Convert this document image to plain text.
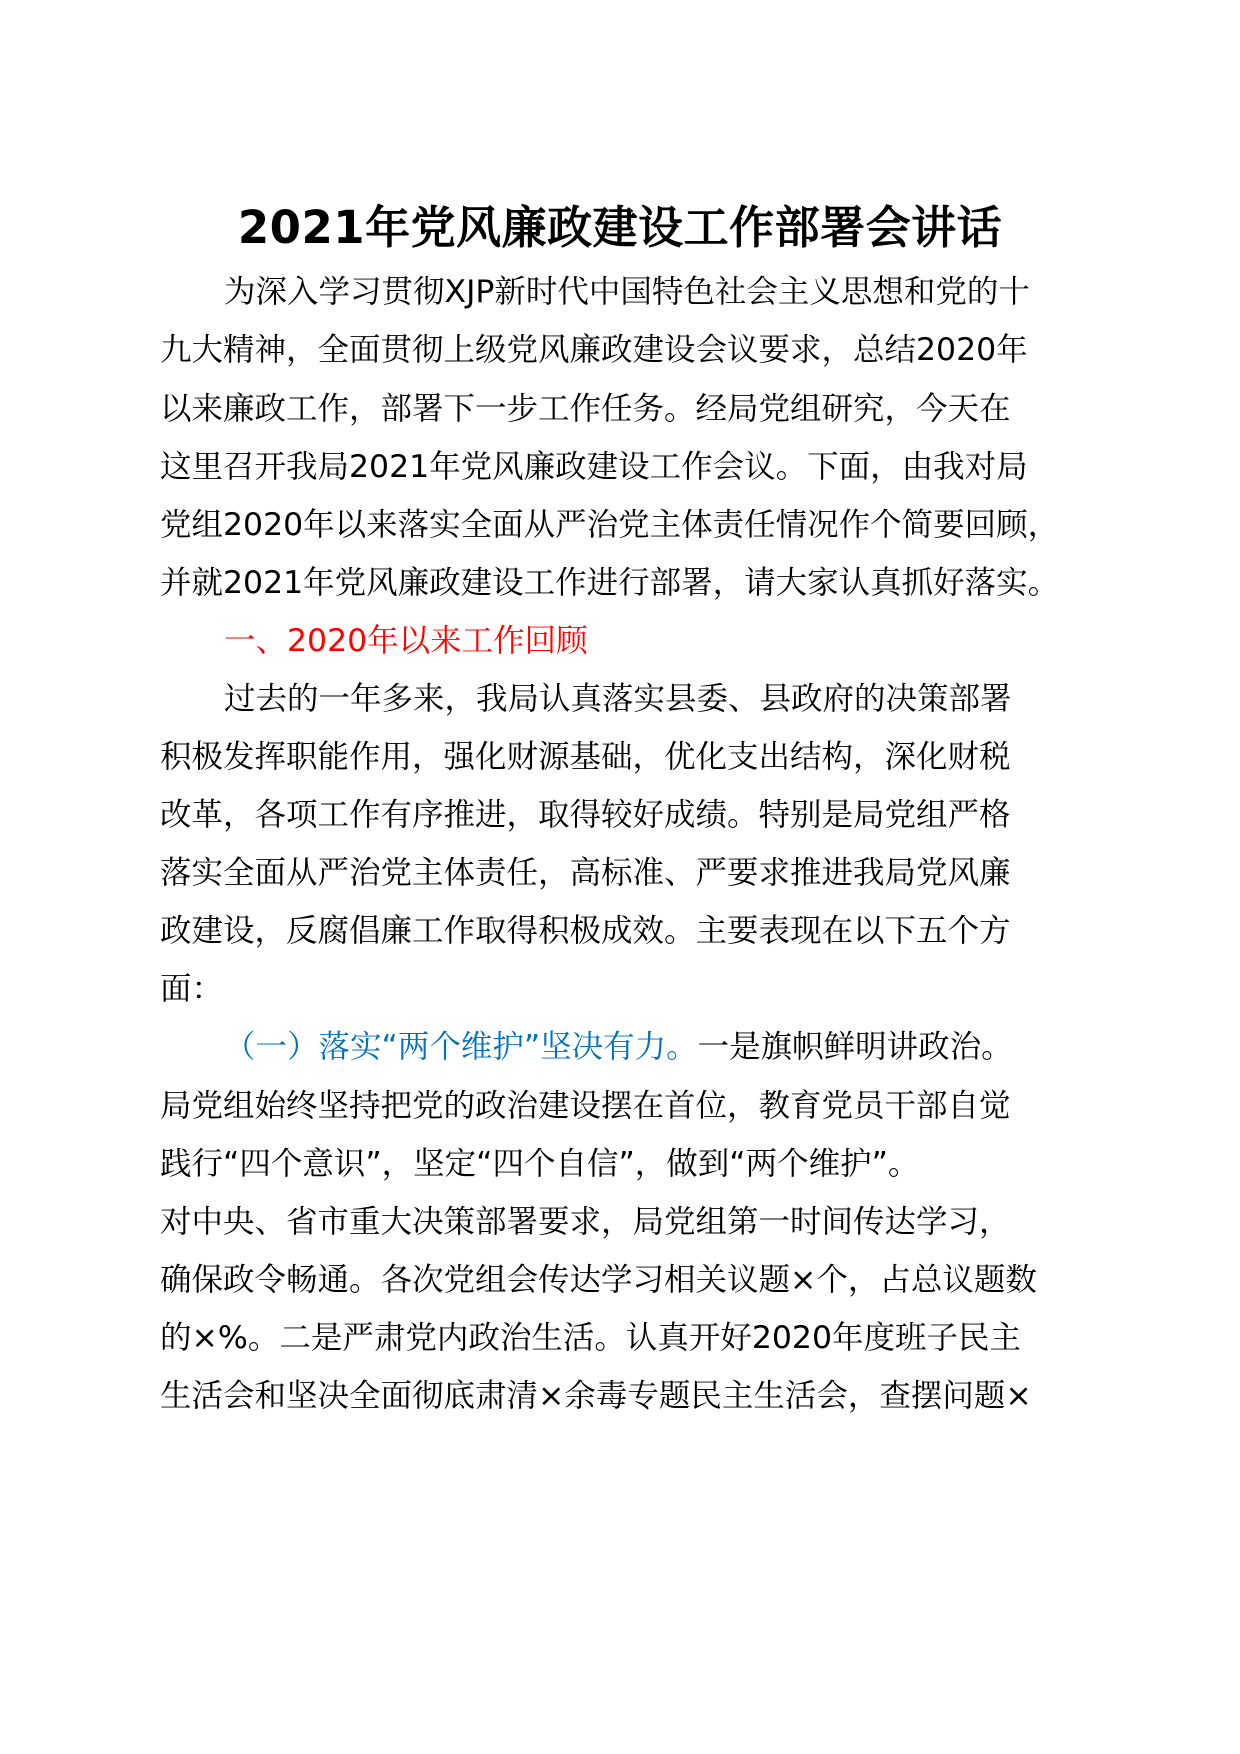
2021年党风廉政建设工作部署会讲话
为深入学习贯彻XJP新时代中国特色社会主义思想和党的十
九大精神，全面贯彻上级党风廉政建设会议要求，总结2020年
以来廉政工作，部署下一步工作任务。经局党组研究，今天在
这里召开我局2021年党风廉政建设工作会议。下面，由我对局
党组2020年以来落实全面从严治党主体责任情况作个简要回顾，
并就2021年党风廉政建设工作进行部署，请大家认真抓好落实。
一、2020年以来工作回顾
过去的一年多来，我局认真落实县委、县政府的决策部署
积极发挥职能作用，强化财源基础，优化支出结构，深化财税
改革，各项工作有序推进，取得较好成绩。特别是局党组严格
落实全面从严治党主体责任，高标准、严要求推进我局党风廉
政建设，反腐倡廉工作取得积极成效。主要表现在以下五个方
面：
（一）落实“两个维护”坚决有力。一是旗帜鲜明讲政治。
局党组始终坚持把党的政治建设摆在首位，教育党员干部自觉
践行“四个意识”，坚定“四个自信”，做到“两个维护”。
对中央、省市重大决策部署要求，局党组第一时间传达学习，
确保政令畅通。各次党组会传达学习相关议题×个，占总议题数
的×%。二是严肃党内政治生活。认真开好2020年度班子民主
生活会和坚决全面彻底肃清×余毒专题民主生活会，查摆问题×
